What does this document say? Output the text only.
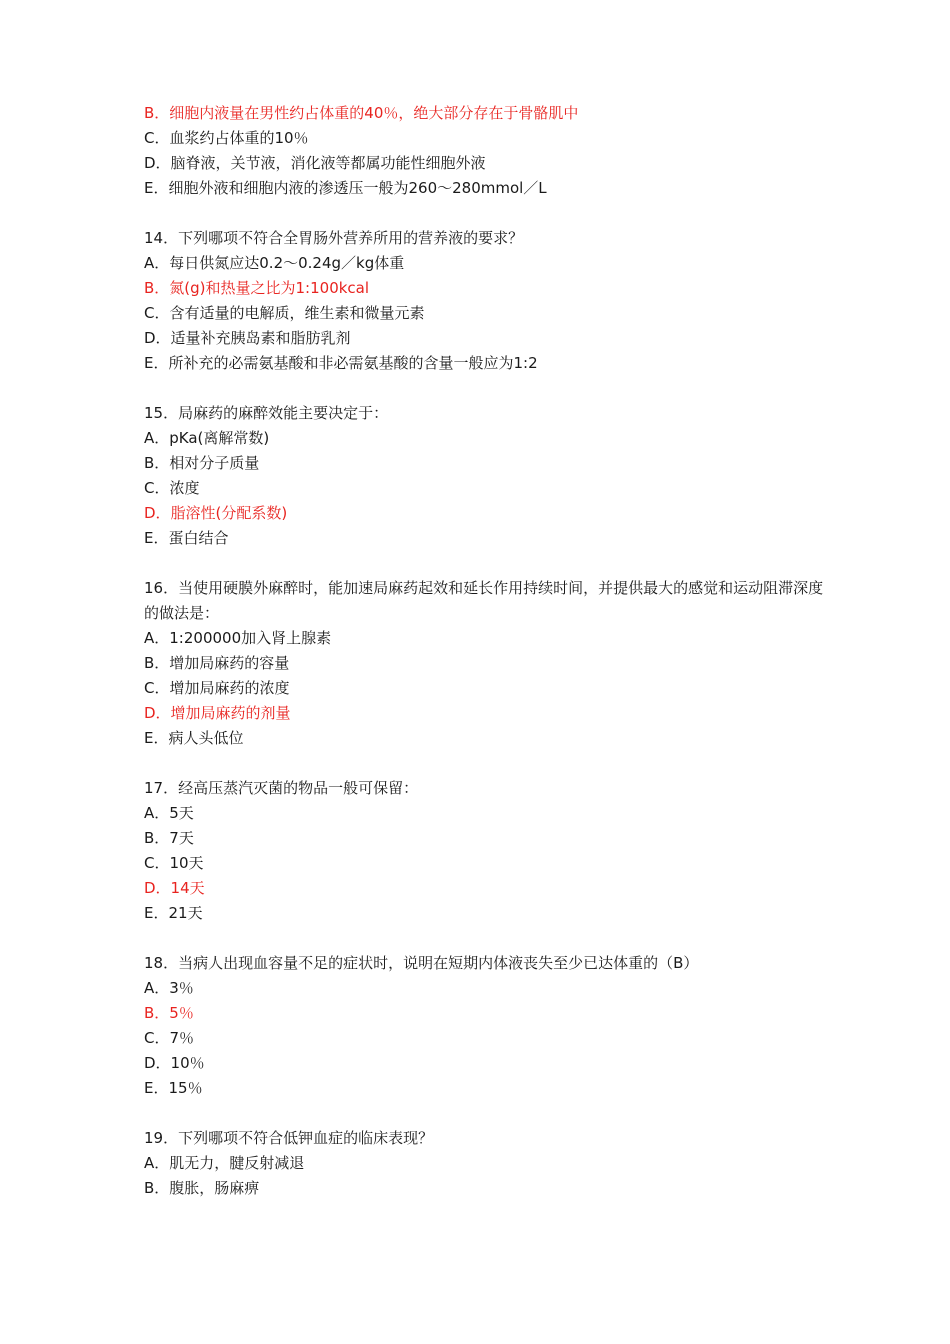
B．细胞内液量在男性约占体重的40％，绝大部分存在于骨骼肌中
C．血浆约占体重的10％
D．脑脊液，关节液，消化液等都属功能性细胞外液
E．细胞外液和细胞内液的渗透压一般为260～280mmol／L
14．下列哪项不符合全胃肠外营养所用的营养液的要求？
A．每日供氮应达0.2～0.24g／kg体重
B．氮(g)和热量之比为1:100kcal
C．含有适量的电解质，维生素和微量元素
D．适量补充胰岛素和脂肪乳剂
E．所补充的必需氨基酸和非必需氨基酸的含量一般应为1:2
15．局麻药的麻醉效能主要决定于：
A．pKa(离解常数)
B．相对分子质量
C．浓度
D．脂溶性(分配系数)
E．蛋白结合
16．当使用硬膜外麻醉时，能加速局麻药起效和延长作用持续时间，并提供最大的感觉和运动阻滞深度的做法是：
A．1:200000加入肾上腺素
B．增加局麻药的容量
C．增加局麻药的浓度
D．增加局麻药的剂量
E．病人头低位
17．经高压蒸汽灭菌的物品一般可保留：
A．5天
B．7天
C．10天
D．14天
E．21天
18．当病人出现血容量不足的症状时，说明在短期内体液丧失至少已达体重的（B）
A．3％
B．5％
C．7％
D．10％
E．15％
19．下列哪项不符合低钾血症的临床表现？
A．肌无力，腱反射减退
B．腹胀，肠麻痹
